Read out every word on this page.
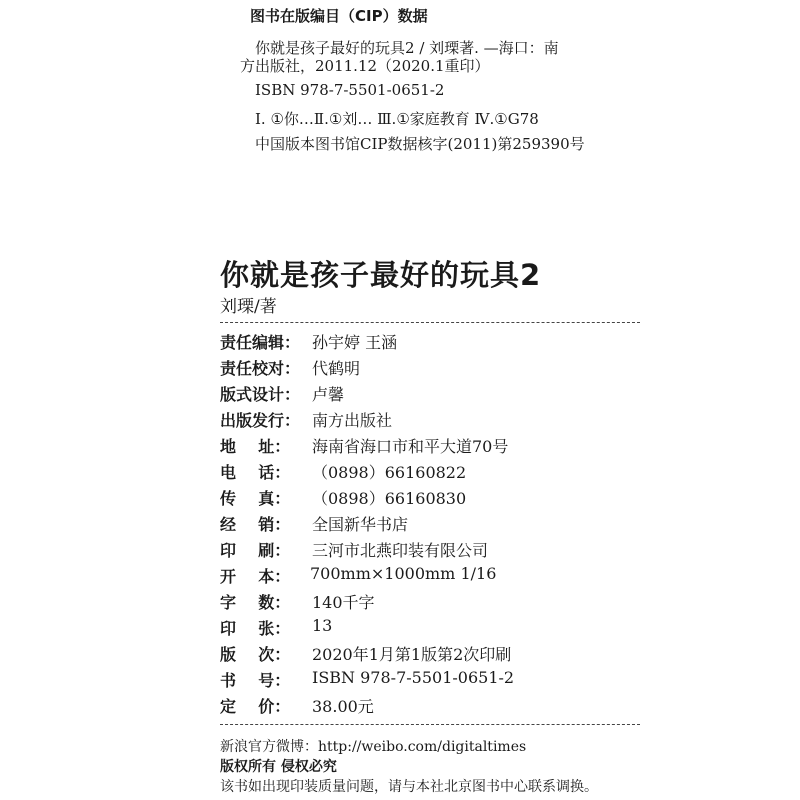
图书在版编目（CIP）数据
你就是孩子最好的玩具2 / 刘瑮著. —海口：南
方出版社，2011.12（2020.1重印）
ISBN 978-7-5501-0651-2
Ⅰ. ①你…Ⅱ.①刘… Ⅲ.①家庭教育 Ⅳ.①G78
中国版本图书馆CIP数据核字(2011)第259390号
你就是孩子最好的玩具2
刘瑮/著
责任编辑： 孙宇婷 王涵
责任校对： 代鹤明
版式设计： 卢馨
出版发行： 南方出版社
地    址： 海南省海口市和平大道70号
电    话： （0898）66160822
传    真： （0898）66160830
经    销： 全国新华书店
印    刷： 三河市北燕印装有限公司
开    本： 700mm×1000mm 1/16
字    数： 140千字
印    张： 13
版    次： 2020年1月第1版第2次印刷
书    号： ISBN 978-7-5501-0651-2
定    价： 38.00元
新浪官方微博：http://weibo.com/digitaltimes
版权所有 侵权必究
该书如出现印装质量问题，请与本社北京图书中心联系调换。
